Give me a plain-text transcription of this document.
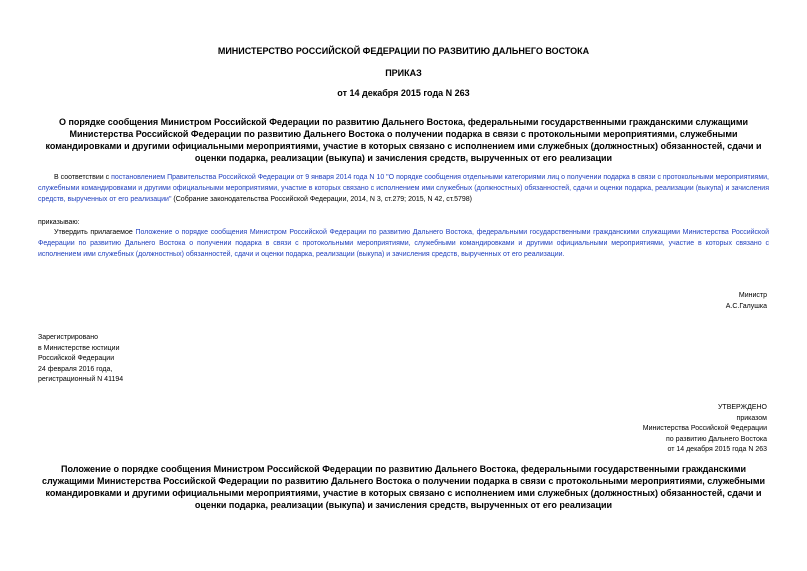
МИНИСТЕРСТВО РОССИЙСКОЙ ФЕДЕРАЦИИ ПО РАЗВИТИЮ ДАЛЬНЕГО ВОСТОКА
ПРИКАЗ
от 14 декабря 2015 года N 263
О порядке сообщения Министром Российской Федерации по развитию Дальнего Востока, федеральными государственными гражданскими служащими Министерства Российской Федерации по развитию Дальнего Востока о получении подарка в связи с протокольными мероприятиями, служебными командировками и другими официальными мероприятиями, участие в которых связано с исполнением ими служебных (должностных) обязанностей, сдачи и оценки подарка, реализации (выкупа) и зачисления средств, вырученных от его реализации
В соответствии с постановлением Правительства Российской Федерации от 9 января 2014 года N 10 "О порядке сообщения отдельными категориями лиц о получении подарка в связи с протокольными мероприятиями, служебными командировками и другими официальными мероприятиями, участие в которых связано с исполнением ими служебных (должностных) обязанностей, сдачи и оценки подарка, реализации (выкупа) и зачисления средств, вырученных от его реализации" (Собрание законодательства Российской Федерации, 2014, N 3, ст.279; 2015, N 42, ст.5798)
приказываю:
Утвердить прилагаемое Положение о порядке сообщения Министром Российской Федерации по развитию Дальнего Востока, федеральными государственными гражданскими служащими Министерства Российской Федерации по развитию Дальнего Востока о получении подарка в связи с протокольными мероприятиями, служебными командировками и другими официальными мероприятиями, участие в которых связано с исполнением ими служебных (должностных) обязанностей, сдачи и оценки подарка, реализации (выкупа) и зачисления средств, вырученных от его реализации.
Министр
А.С.Галушка
Зарегистрировано
в Министерстве юстиции
Российской Федерации
24 февраля 2016 года,
регистрационный N 41194
УТВЕРЖДЕНО
приказом
Министерства Российской Федерации
по развитию Дальнего Востока
от 14 декабря 2015 года N 263
Положение о порядке сообщения Министром Российской Федерации по развитию Дальнего Востока, федеральными государственными гражданскими служащими Министерства Российской Федерации по развитию Дальнего Востока о получении подарка в связи с протокольными мероприятиями, служебными командировками и другими официальными мероприятиями, участие в которых связано с исполнением ими служебных (должностных) обязанностей, сдачи и оценки подарка, реализации (выкупа) и зачисления средств, вырученных от его реализации
